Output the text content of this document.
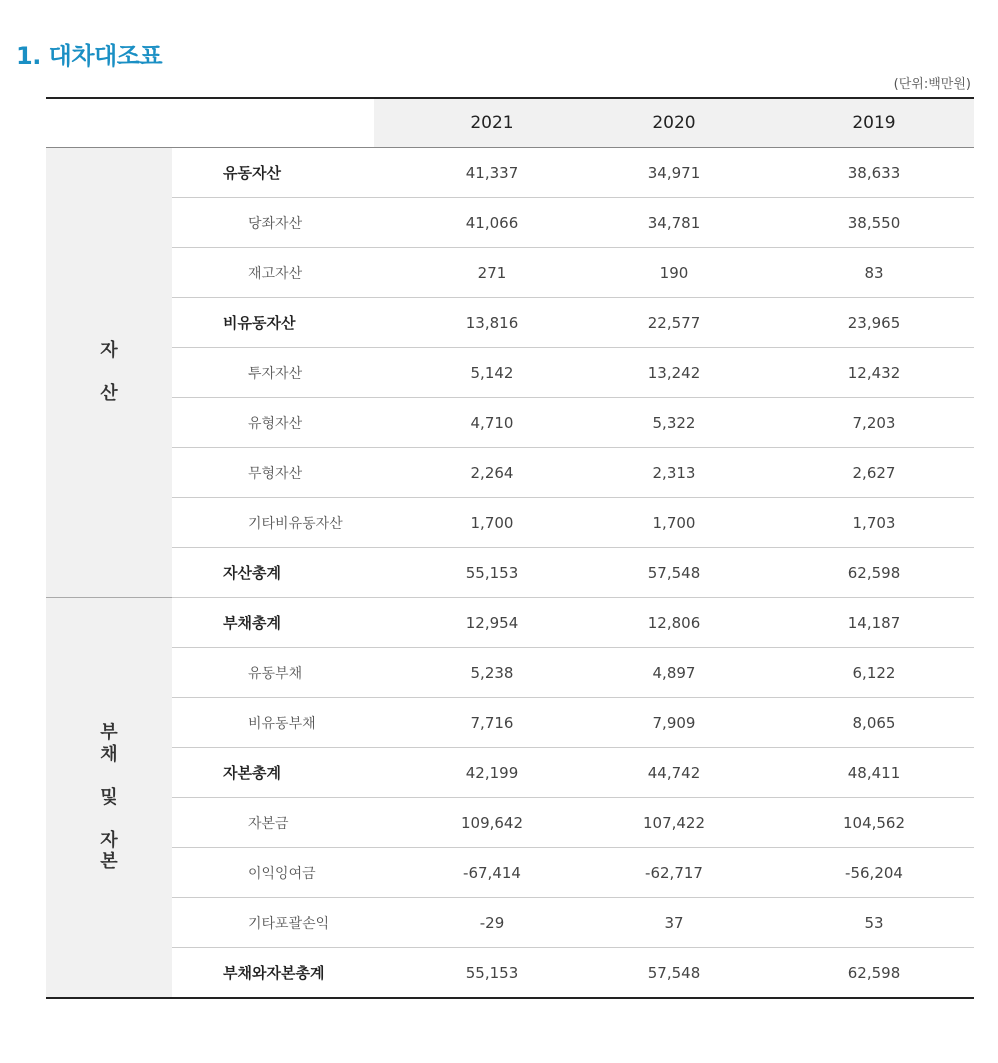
1. 대차대조표
(단위:백만원)
		2021	2020	2019
자

산	유동자산	41,337	34,971	38,633
	당좌자산	41,066	34,781	38,550
	재고자산	271	190	83
	비유동자산	13,816	22,577	23,965
	투자자산	5,142	13,242	12,432
	유형자산	4,710	5,322	7,203
	무형자산	2,264	2,313	2,627
	기타비유동자산	1,700	1,700	1,703
	자산총계	55,153	57,548	62,598
부
채

및

자
본	부채총계	12,954	12,806	14,187
	유동부채	5,238	4,897	6,122
	비유동부채	7,716	7,909	8,065
	자본총계	42,199	44,742	48,411
	자본금	109,642	107,422	104,562
	이익잉여금	-67,414	-62,717	-56,204
	기타포괄손익	-29	37	53
	부채와자본총계	55,153	57,548	62,598
